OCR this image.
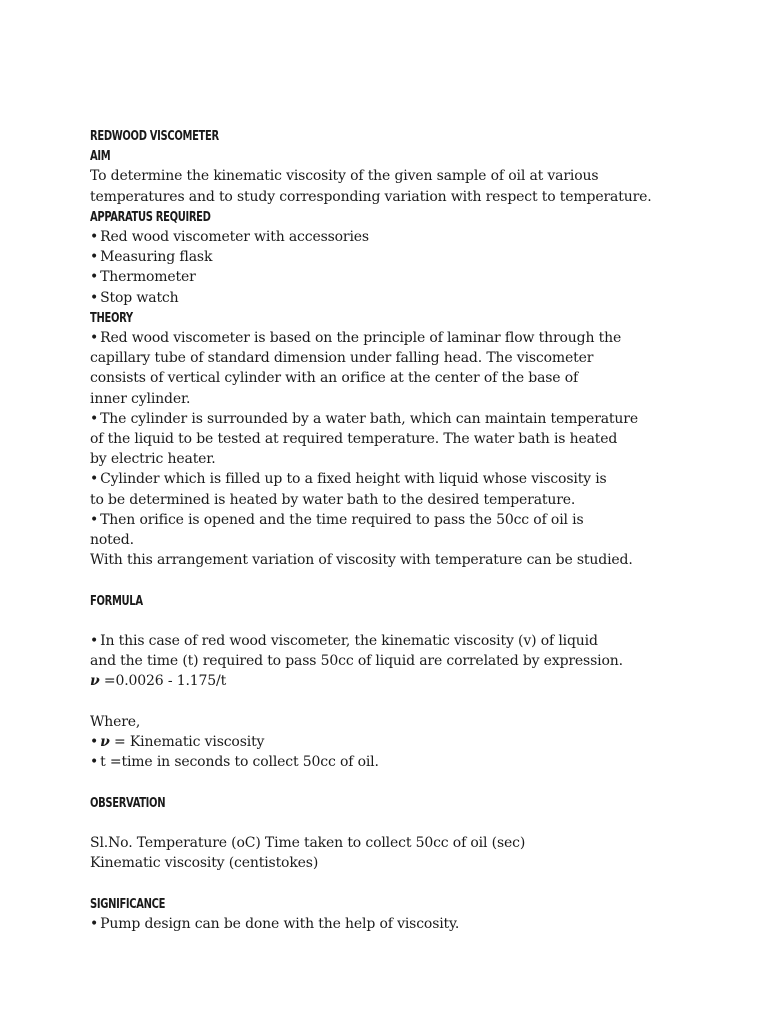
REDWOOD VISCOMETER
AIM
To determine the kinematic viscosity of the given sample of oil at various
temperatures and to study corresponding variation with respect to temperature.
APPARATUS REQUIRED
• Red wood viscometer with accessories
• Measuring flask
• Thermometer
• Stop watch
THEORY
• Red wood viscometer is based on the principle of laminar flow through the
capillary tube of standard dimension under falling head. The viscometer
consists of vertical cylinder with an orifice at the center of the base of
inner cylinder.
• The cylinder is surrounded by a water bath, which can maintain temperature
of the liquid to be tested at required temperature. The water bath is heated
by electric heater.
• Cylinder which is filled up to a fixed height with liquid whose viscosity is
to be determined is heated by water bath to the desired temperature.
• Then orifice is opened and the time required to pass the 50cc of oil is
noted.
With this arrangement variation of viscosity with temperature can be studied.
FORMULA
• In this case of red wood viscometer, the kinematic viscosity (v) of liquid
and the time (t) required to pass 50cc of liquid are correlated by expression.
ν =0.0026 - 1.175/t
Where,
• ν = Kinematic viscosity
• t =time in seconds to collect 50cc of oil.
OBSERVATION
Sl.No. Temperature (oC) Time taken to collect 50cc of oil (sec)
Kinematic viscosity (centistokes)
SIGNIFICANCE
• Pump design can be done with the help of viscosity.
